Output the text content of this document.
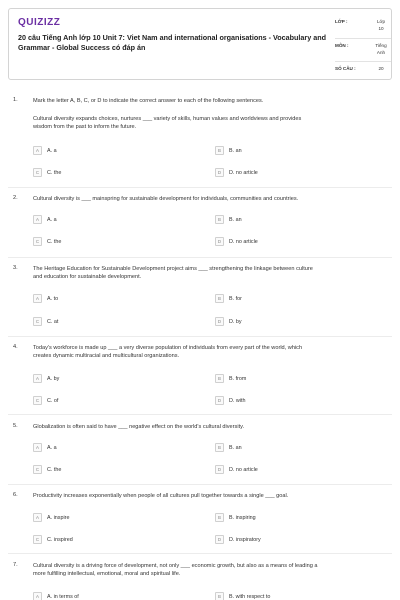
QUIZIZZ
20 câu Tiếng Anh lớp 10 Unit 7: Viet Nam and international organisations - Vocabulary and Grammar - Global Success có đáp án
LỚP :	Lớp
10
MÔN :	Tiếng
Anh
SỐ CÂU :	20
1.	Mark the letter A, B, C, or D to indicate the correct answer to each of the following sentences.
Cultural diversity expands choices, nurtures ___ variety of skills, human values and worldviews and provides
wisdom from the past to inform the future.
A	A. a	B	B. an
C	C. the	D	D. no article
2.	Cultural diversity is ___ mainspring for sustainable development for individuals, communities and countries.
A	A. a	B	B. an
C	C. the	D	D. no article
3.	The Heritage Education for Sustainable Development project aims ___ strengthening the linkage between culture
and education for sustainable development.
A	A. to	B	B. for
C	C. at	D	D. by
4.	Today's workforce is made up ___ a very diverse population of individuals from every part of the world, which
creates dynamic multiracial and multicultural organizations.
A	A. by	B	B. from
C	C. of	D	D. with
5.	Globalization is often said to have ___ negative effect on the world's cultural diversity.
A	A. a	B	B. an
C	C. the	D	D. no article
6.	Productivity increases exponentially when people of all cultures pull together towards a single ___ goal.
A	A. inspire	B	B. inspiring
C	C. inspired	D	D. inspiratory
7.	Cultural diversity is a driving force of development, not only ___ economic growth, but also as a means of leading a
more fulfilling intellectual, emotional, moral and spiritual life.
A	A. in terms of	B	B. with respect to
